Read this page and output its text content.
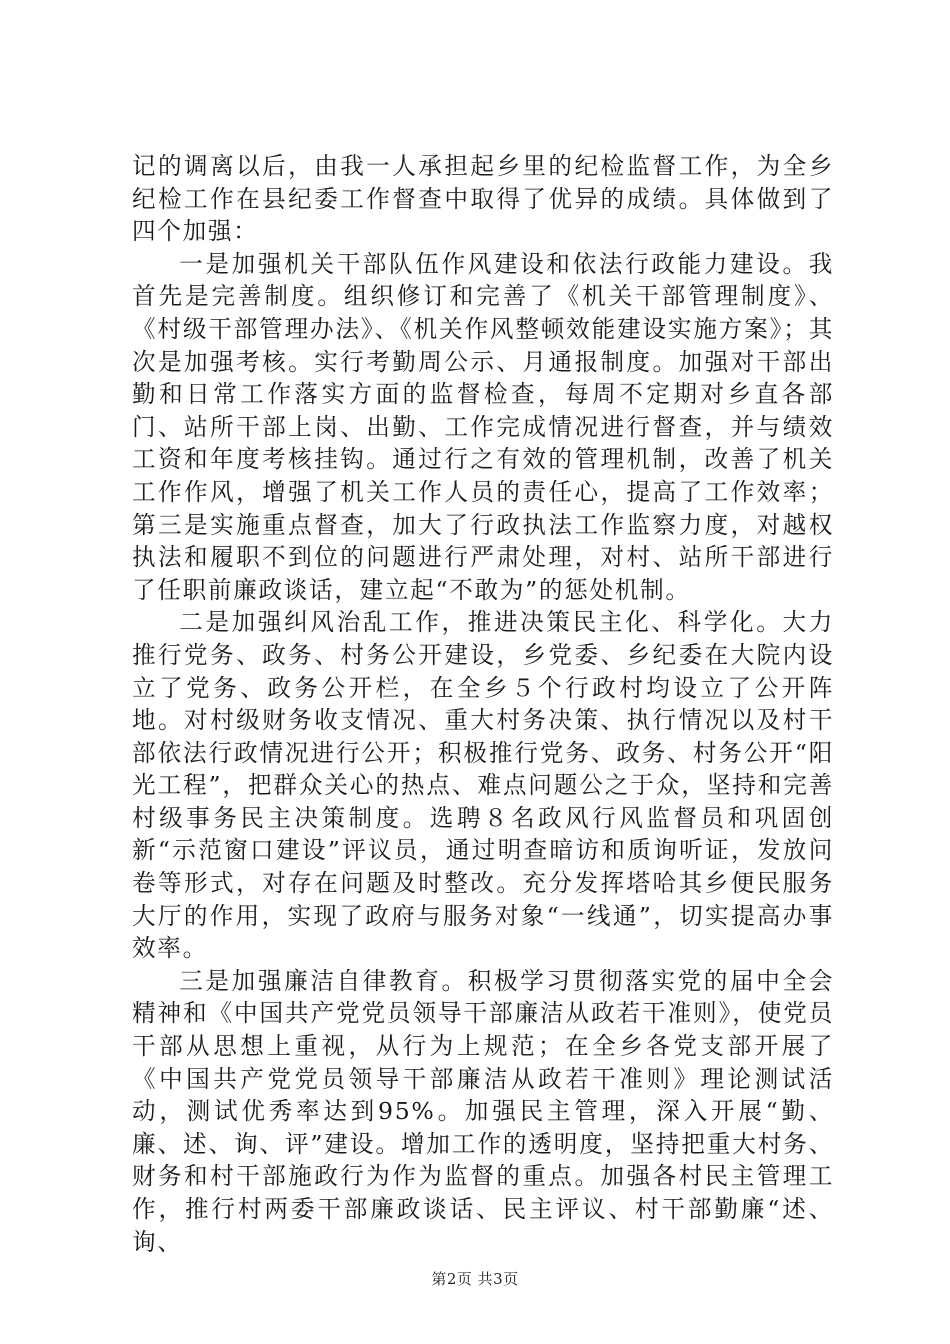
记的调离以后，由我一人承担起乡里的纪检监督工作，为全乡纪检工作在县纪委工作督查中取得了优异的成绩。具体做到了四个加强：

一是加强机关干部队伍作风建设和依法行政能力建设。我首先是完善制度。组织修订和完善了《机关干部管理制度》、《村级干部管理办法》、《机关作风整顿效能建设实施方案》；其次是加强考核。实行考勤周公示、月通报制度。加强对干部出勤和日常工作落实方面的监督检查，每周不定期对乡直各部门、站所干部上岗、出勤、工作完成情况进行督查，并与绩效工资和年度考核挂钩。通过行之有效的管理机制，改善了机关工作作风，增强了机关工作人员的责任心，提高了工作效率；第三是实施重点督查，加大了行政执法工作监察力度，对越权执法和履职不到位的问题进行严肃处理，对村、站所干部进行了任职前廉政谈话，建立起“不敢为”的惩处机制。

二是加强纠风治乱工作，推进决策民主化、科学化。大力推行党务、政务、村务公开建设，乡党委、乡纪委在大院内设立了党务、政务公开栏，在全乡５个行政村均设立了公开阵地。对村级财务收支情况、重大村务决策、执行情况以及村干部依法行政情况进行公开；积极推行党务、政务、村务公开“阳光工程”，把群众关心的热点、难点问题公之于众，坚持和完善村级事务民主决策制度。选聘８名政风行风监督员和巩固创新“示范窗口建设”评议员，通过明查暗访和质询听证，发放问卷等形式，对存在问题及时整改。充分发挥塔哈其乡便民服务大厅的作用，实现了政府与服务对象“一线通”，切实提高办事效率。

三是加强廉洁自律教育。积极学习贯彻落实党的届中全会精神和《中国共产党党员领导干部廉洁从政若干准则》，使党员干部从思想上重视，从行为上规范；在全乡各党支部开展了《中国共产党党员领导干部廉洁从政若干准则》理论测试活动，测试优秀率达到95%。加强民主管理，深入开展“勤、廉、述、询、评”建设。增加工作的透明度，坚持把重大村务、财务和村干部施政行为作为监督的重点。加强各村民主管理工作，推行村两委干部廉政谈话、民主评议、村干部勤廉“述、询、

第2页 共3页
